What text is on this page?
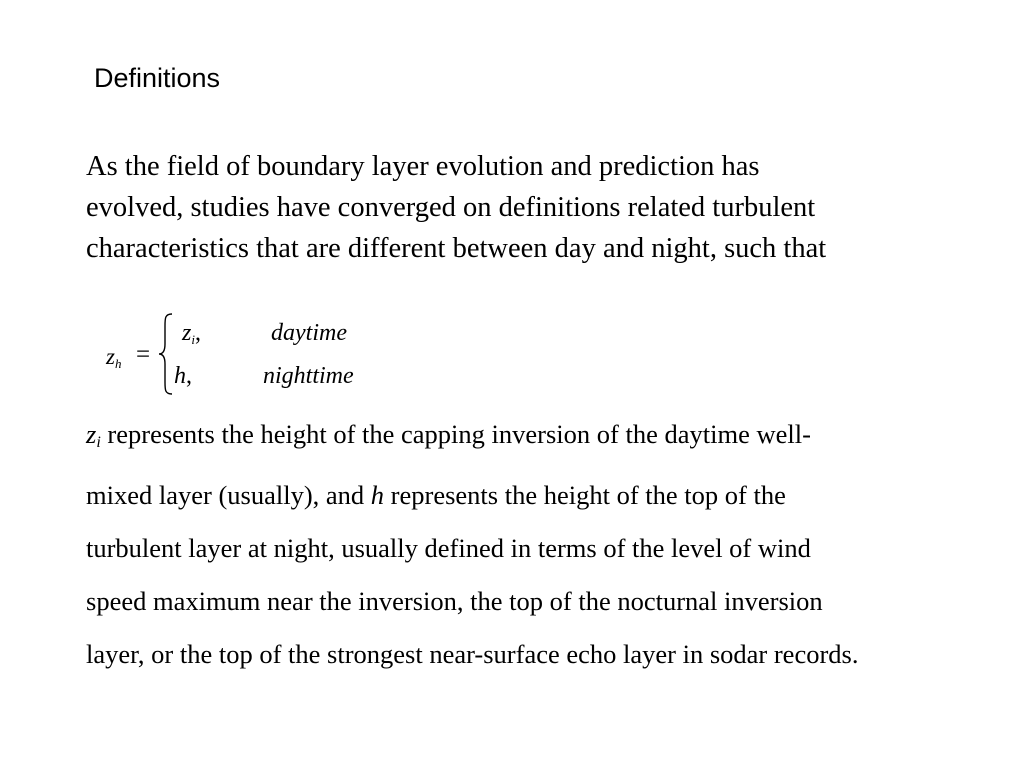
Definitions
As the field of boundary layer evolution and prediction has
evolved, studies have converged on definitions related turbulent
characteristics that are different between day and night, such that
$z_h$ =
$z_i$,	daytime
h,	nighttime
$z_i$ represents the height of the capping inversion of the daytime well-
mixed layer (usually), and h represents the height of the top of the
turbulent layer at night, usually defined in terms of the level of wind
speed maximum near the inversion, the top of the nocturnal inversion
layer, or the top of the strongest near-surface echo layer in sodar records.
